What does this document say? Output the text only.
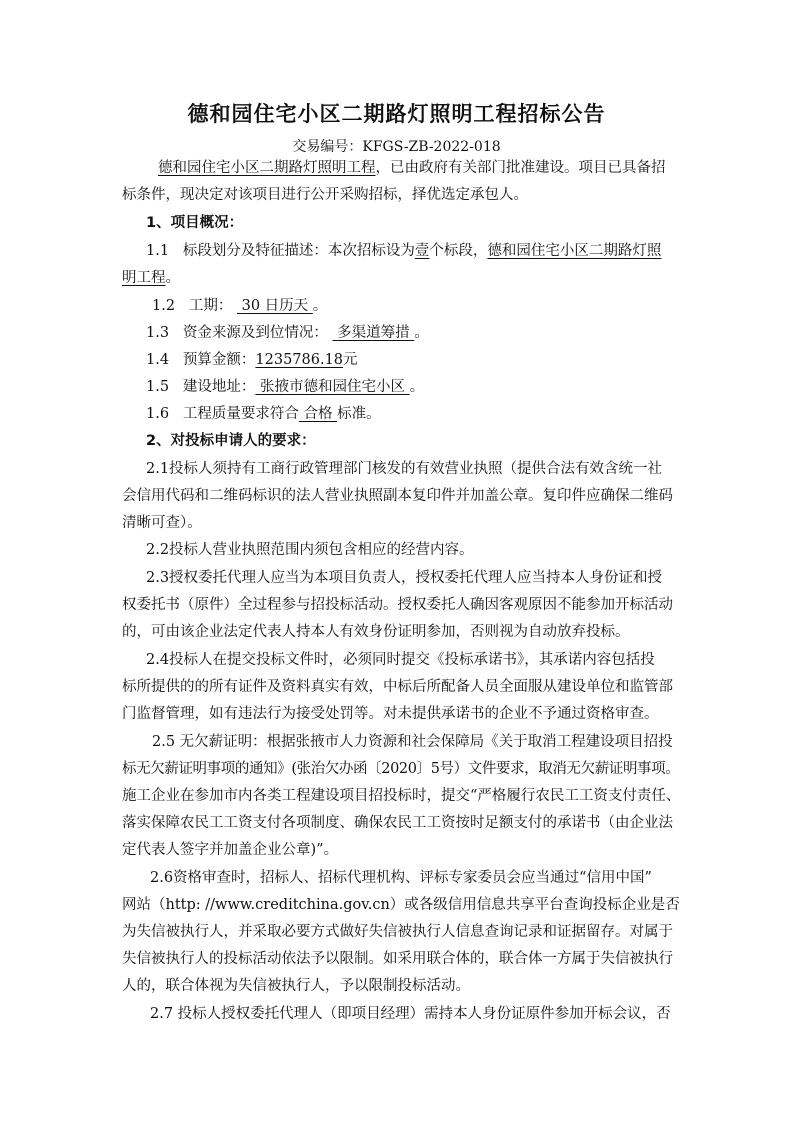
德和园住宅小区二期路灯照明工程招标公告
交易编号：KFGS-ZB-2022-018
德和园住宅小区二期路灯照明工程，已由政府有关部门批准建设。项目已具备招
标条件，现决定对该项目进行公开采购招标，择优选定承包人。
1、项目概况：
1.1 标段划分及特征描述：本次招标设为壹个标段，德和园住宅小区二期路灯照
明工程。
1.2 工期： 30 日历天 。
1.3 资金来源及到位情况： 多渠道筹措 。
1.4 预算金额：1235786.18元
1.5 建设地址： 张掖市德和园住宅小区 。
1.6 工程质量要求符合 合格 标准。
2、对投标申请人的要求：
2.1投标人须持有工商行政管理部门核发的有效营业执照（提供合法有效含统一社
会信用代码和二维码标识的法人营业执照副本复印件并加盖公章。复印件应确保二维码
清晰可查）。
2.2投标人营业执照范围内须包含相应的经营内容。
2.3授权委托代理人应当为本项目负责人，授权委托代理人应当持本人身份证和授
权委托书（原件）全过程参与招投标活动。授权委托人确因客观原因不能参加开标活动
的，可由该企业法定代表人持本人有效身份证明参加，否则视为自动放弃投标。
2.4投标人在提交投标文件时，必须同时提交《投标承诺书》，其承诺内容包括投
标所提供的的所有证件及资料真实有效，中标后所配备人员全面服从建设单位和监管部
门监督管理，如有违法行为接受处罚等。对未提供承诺书的企业不予通过资格审查。
2.5 无欠薪证明：根据张掖市人力资源和社会保障局《关于取消工程建设项目招投
标无欠薪证明事项的通知》(张治欠办函〔2020〕5号）文件要求，取消无欠薪证明事项。
施工企业在参加市内各类工程建设项目招投标时，提交“严格履行农民工工资支付责任、
落实保障农民工工资支付各项制度、确保农民工工资按时足额支付的承诺书（由企业法
定代表人签字并加盖企业公章)”。
2.6资格审查时，招标人、招标代理机构、评标专家委员会应当通过“信用中国”
网站（http: //www.creditchina.gov.cn）或各级信用信息共享平台查询投标企业是否
为失信被执行人，并采取必要方式做好失信被执行人信息查询记录和证据留存。对属于
失信被执行人的投标活动依法予以限制。如采用联合体的，联合体一方属于失信被执行
人的，联合体视为失信被执行人，予以限制投标活动。
2.7 投标人授权委托代理人（即项目经理）需持本人身份证原件参加开标会议，否
